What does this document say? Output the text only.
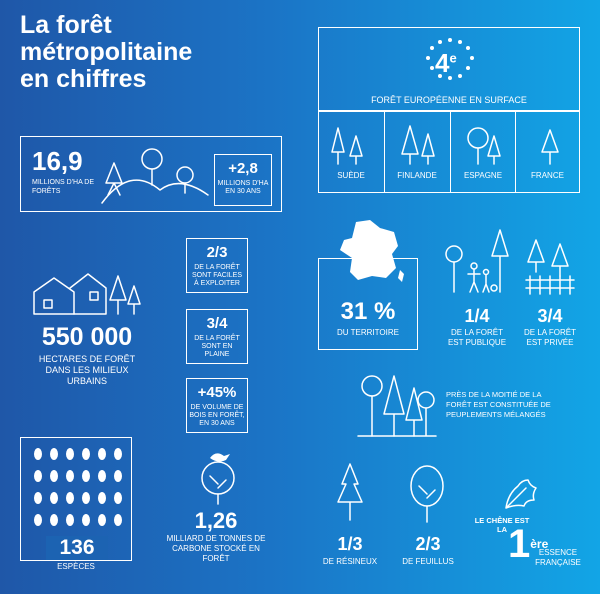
La forêt
métropolitaine
en chiffres
16,9
MILLIONS D'HA DE FORÊTS
+2,8
MILLIONS D'HA EN 30 ANS
4e
FORÊT EUROPÉENNE EN SURFACE
SUÈDE	FINLANDE	ESPAGNE	FRANCE
2/3
DE LA FORÊT SONT FACILES À EXPLOITER
3/4
DE LA FORÊT SONT EN PLAINE
+45%
DE VOLUME DE BOIS EN FORÊT, EN 30 ANS
550 000
HECTARES DE FORÊT DANS LES MILIEUX URBAINS
31 %
DU TERRITOIRE
1/4
DE LA FORÊT EST PUBLIQUE
3/4
DE LA FORÊT EST PRIVÉE
PRÈS DE LA MOITIÉ DE LA FORÊT EST CONSTITUÉE DE PEUPLEMENTS MÉLANGÉS
136
ESPÈCES
1,26
MILLIARD DE TONNES DE CARBONE STOCKÉ EN FORÊT
1/3
DE RÉSINEUX
2/3
DE FEUILLUS
LE CHÊNE EST LA 1ère
ESSENCE FRANÇAISE
